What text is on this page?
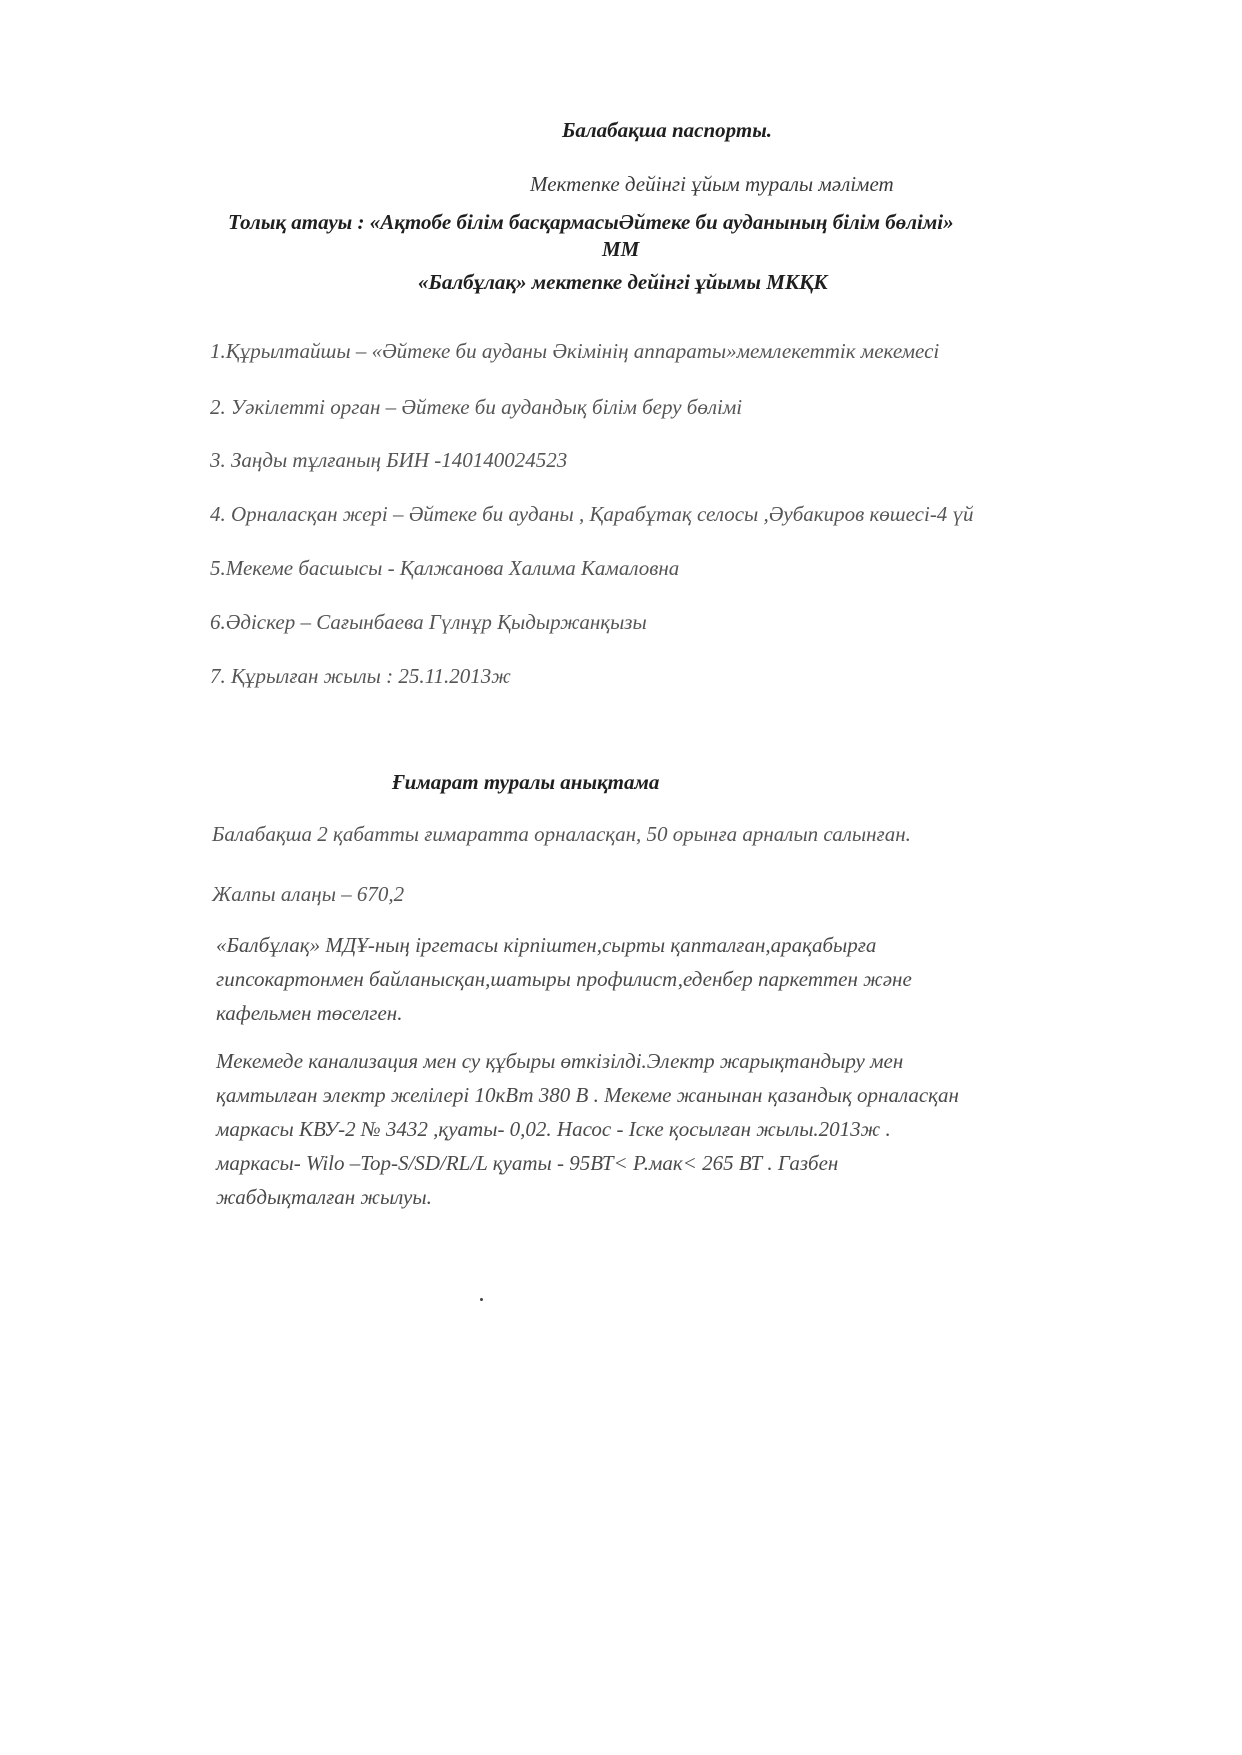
Балабақша паспорты.
Мектепке дейінгі ұйым туралы мәлімет
Толық атауы : «Ақтобе білім басқармасыӘйтеке би ауданының білім бөлімі»
ММ
«Балбұлақ» мектепке дейінгі ұйымы МКҚК
1.Құрылтайшы – «Әйтеке би ауданы Әкімінің аппараты»мемлекеттік мекемесі
2. Уәкілетті орган – Әйтеке би аудандық білім беру бөлімі
3. Заңды тұлғаның БИН -140140024523
4. Орналасқан жері – Әйтеке би ауданы , Қарабұтақ селосы ,Әубакиров көшесі-4 үй
5.Мекеме басшысы - Қалжанова Халима Камаловна
6.Әдіскер – Сағынбаева Гүлнұр Қыдыржанқызы
7. Құрылған жылы : 25.11.2013ж
Ғимарат туралы анықтама
Балабақша 2 қабатты ғимаратта орналасқан, 50 орынға арналып салынған.
Жалпы алаңы – 670,2
«Балбұлақ» МДҰ-ның іргетасы кірпіштен,сырты қапталған,арақабырға
гипсокартонмен байланысқан,шатыры профилист,еденбер паркеттен және
кафельмен төселген.
Мекемеде канализация мен су құбыры өткізілді.Электр жарықтандыру мен
қамтылған электр желілері 10кВт 380 В . Мекеме жанынан қазандық орналасқан
маркасы КВУ-2 № 3432 ,қуаты- 0,02. Насос - Іске қосылған жылы.2013ж .
маркасы- Wilo –Top-S/SD/RL/L қуаты - 95ВТ< Р.мак< 265 ВТ . Газбен
жабдықталған жылуы.
